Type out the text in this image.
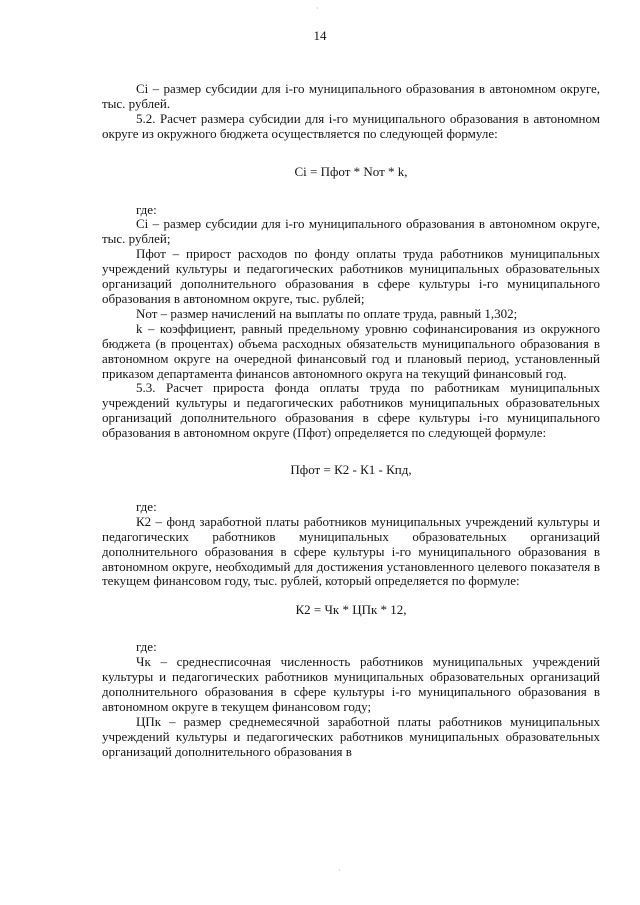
·
14

Ci – размер субсидии для i-го муниципального образования в автономном округе, тыс. рублей.

5.2. Расчет размера субсидии для i-го муниципального образования в автономном округе из окружного бюджета осуществляется по следующей формуле:

Ci = Пфот * Nот * k,

где:

Ci – размер субсидии для i-го муниципального образования в автономном округе, тыс. рублей;

Пфот – прирост расходов по фонду оплаты труда работников муниципальных учреждений культуры и педагогических работников муниципальных образовательных организаций дополнительного образования в сфере культуры i-го муниципального образования в автономном округе, тыс. рублей;

Nот – размер начислений на выплаты по оплате труда, равный 1,302;

k – коэффициент, равный предельному уровню софинансирования из окружного бюджета (в процентах) объема расходных обязательств муниципального образования в автономном округе на очередной финансовый год и плановый период, установленный приказом департамента финансов автономного округа на текущий финансовый год.

5.3. Расчет прироста фонда оплаты труда по работникам муниципальных учреждений культуры и педагогических работников муниципальных образовательных организаций дополнительного образования в сфере культуры i-го муниципального образования в автономном округе (Пфот) определяется по следующей формуле:

Пфот = К2 - К1 - Кпд,

где:

К2 – фонд заработной платы работников муниципальных учреждений культуры и педагогических работников муниципальных образовательных организаций дополнительного образования в сфере культуры i-го муниципального образования в автономном округе, необходимый для достижения установленного целевого показателя в текущем финансовом году, тыс. рублей, который определяется по формуле:

К2 = Чк * ЦПк * 12,

где:

Чк – среднесписочная численность работников муниципальных учреждений культуры и педагогических работников муниципальных образовательных организаций дополнительного образования в сфере культуры i-го муниципального образования в автономном округе в текущем финансовом году;

ЦПк – размер среднемесячной заработной платы работников муниципальных учреждений культуры и педагогических работников муниципальных образовательных организаций дополнительного образования в

·
